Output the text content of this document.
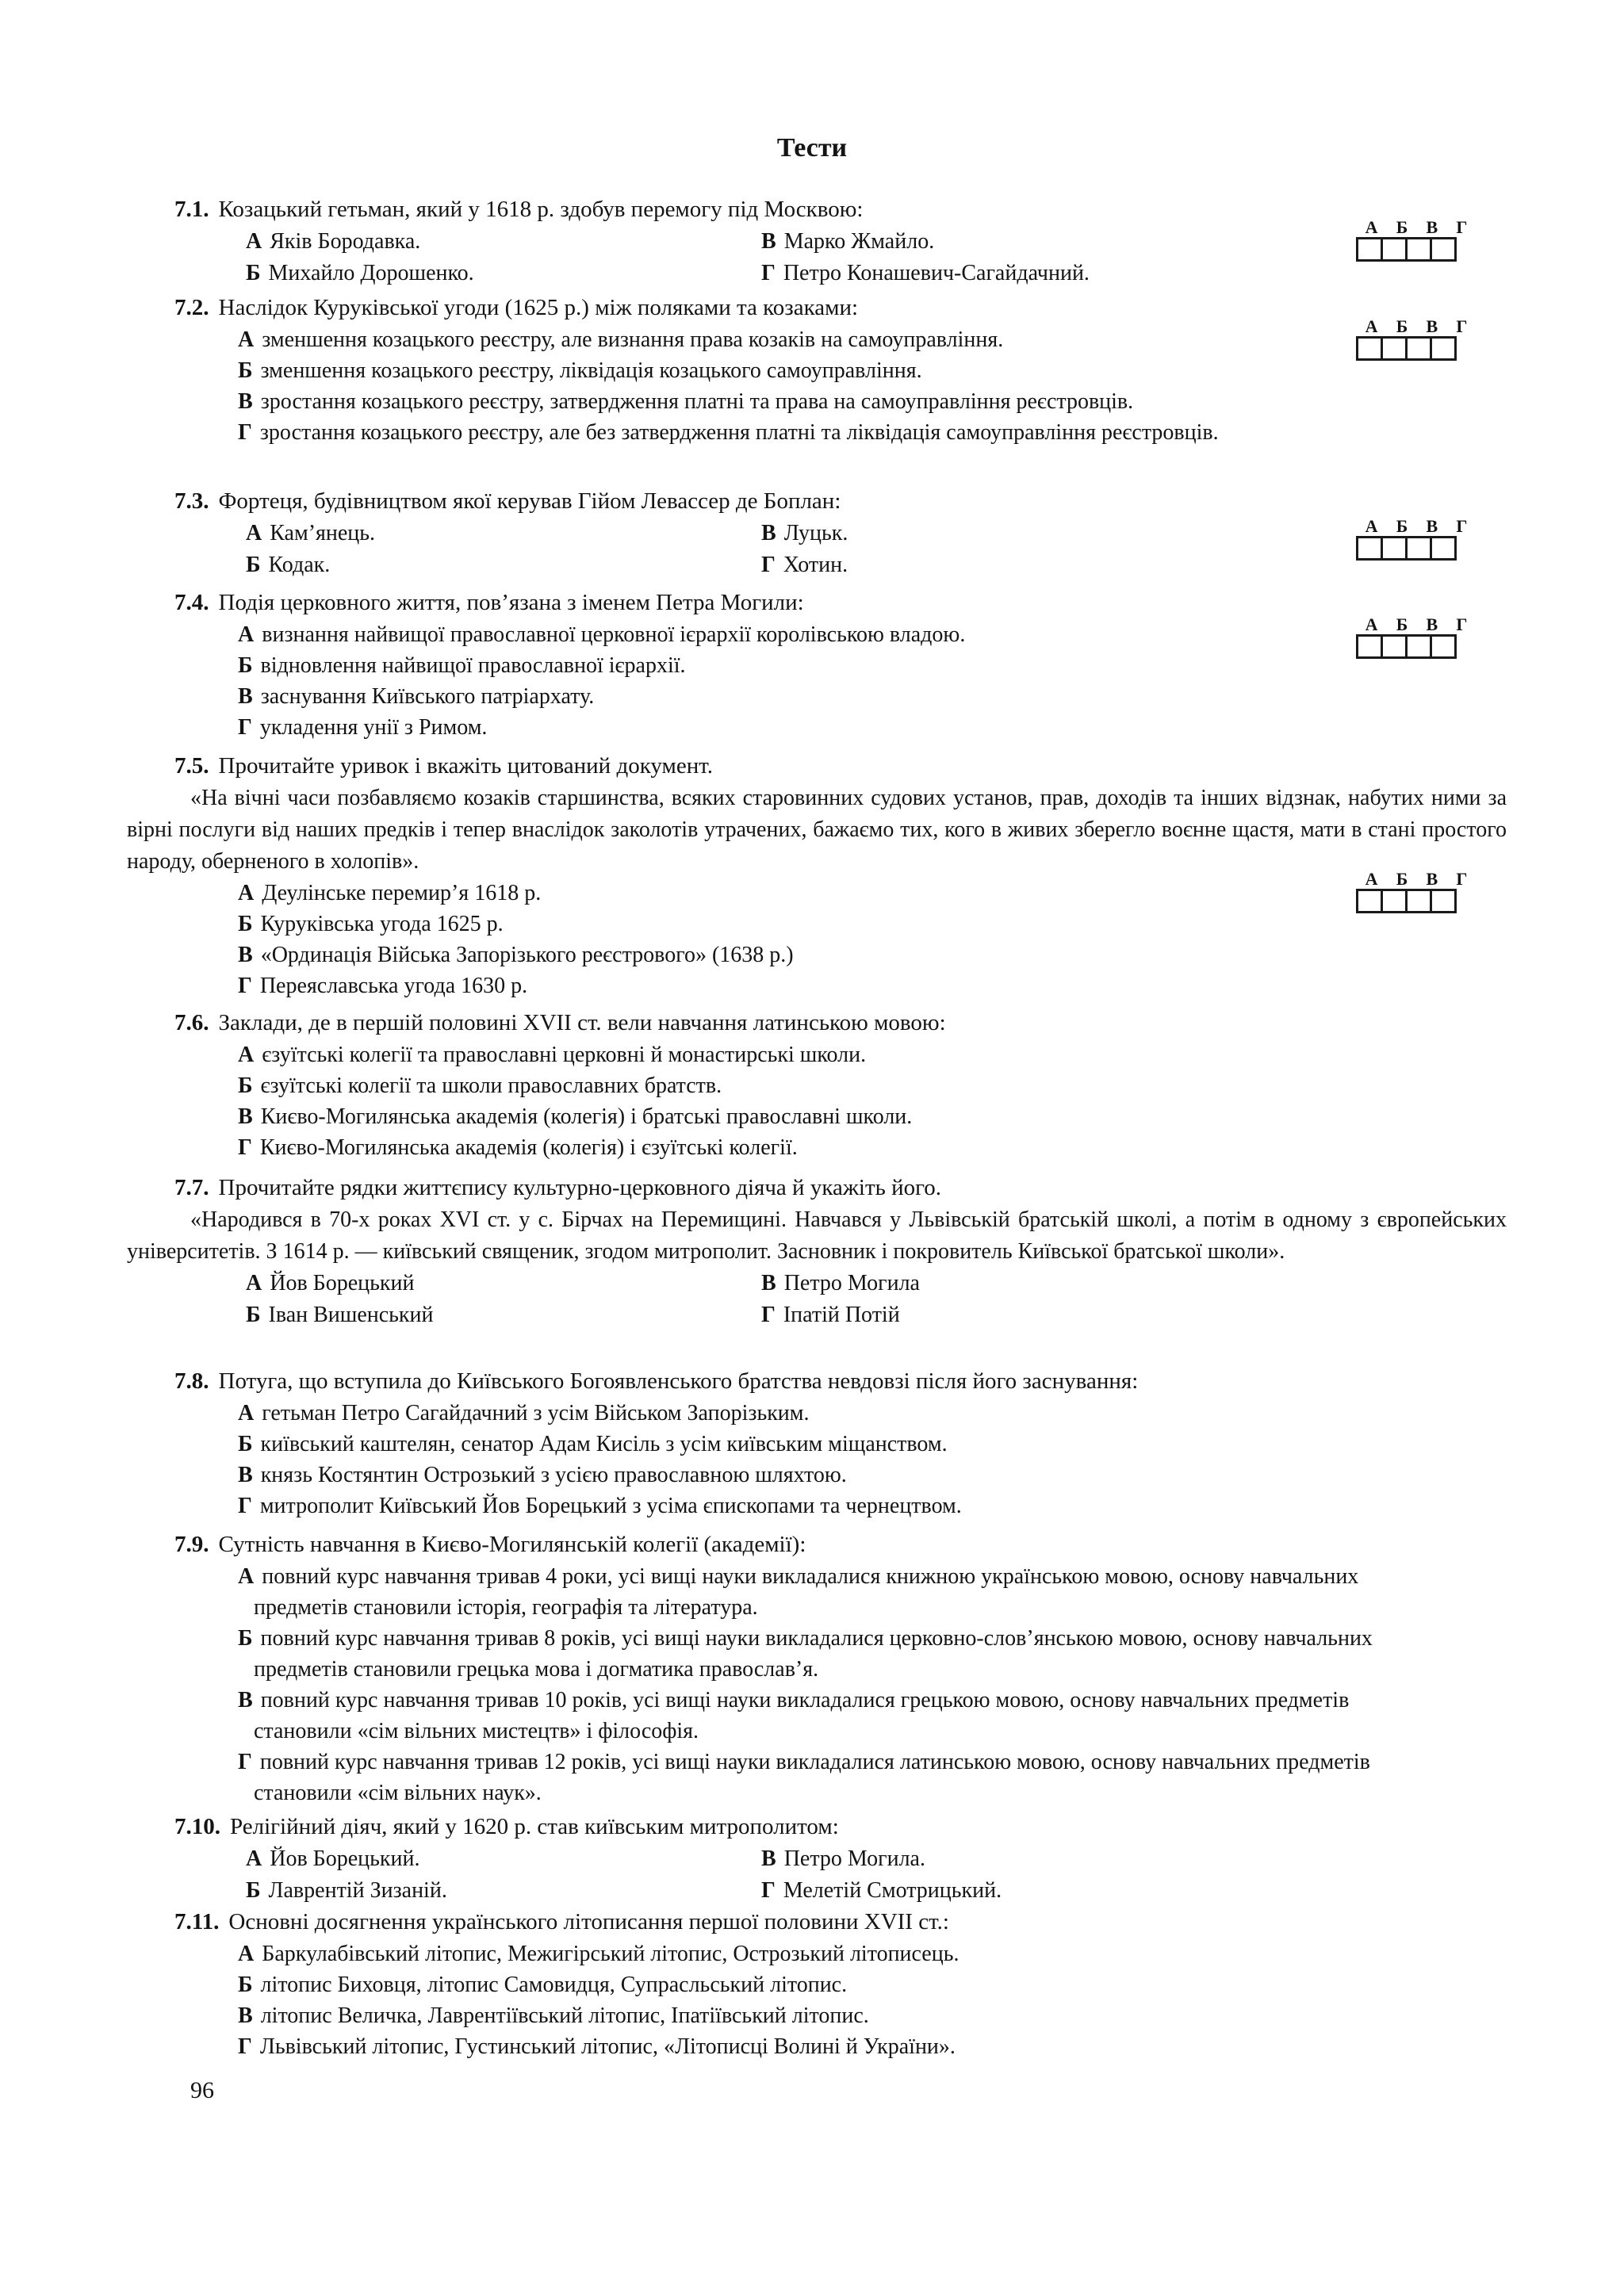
Тести
7.1. Козацький гетьман, який у 1618 р. здобув перемогу під Москвою:
А Яків Бородавка.	В Марко Жмайло.
Б Михайло Дорошенко.	Г Петро Конашевич-Сагайдачний.
А Б В Г
7.2. Наслідок Куруківської угоди (1625 р.) між поляками та козаками:
А зменшення козацького реєстру, але визнання права козаків на самоуправління.
Б зменшення козацького реєстру, ліквідація козацького самоуправління.
В зростання козацького реєстру, затвердження платні та права на самоуправління реєстровців.
Г зростання козацького реєстру, але без затвердження платні та ліквідація самоуправління реєстровців.
А Б В Г
7.3. Фортеця, будівництвом якої керував Гійом Левассер де Боплан:
А Кам’янець.	В Луцьк.
Б Кодак.	Г Хотин.
А Б В Г
7.4. Подія церковного життя, пов’язана з іменем Петра Могили:
А визнання найвищої православної церковної ієрархії королівською владою.
Б відновлення найвищої православної ієрархії.
В заснування Київського патріархату.
Г укладення унії з Римом.
А Б В Г
7.5. Прочитайте уривок і вкажіть цитований документ.
«На вічні часи позбавляємо козаків старшинства, всяких старовинних судових установ, прав, доходів та інших відзнак, набутих ними за вірні послуги від наших предків і тепер внаслідок заколотів утрачених, бажаємо тих, кого в живих зберегло воєнне щастя, мати в стані простого народу, оберненого в холопів».
А Деулінське перемир’я 1618 р.
Б Куруківська угода 1625 р.
В «Ординація Війська Запорізького реєстрового» (1638 р.)
Г Переяславська угода 1630 р.
А Б В Г
7.6. Заклади, де в першій половині XVII ст. вели навчання латинською мовою:
А єзуїтські колегії та православні церковні й монастирські школи.
Б єзуїтські колегії та школи православних братств.
В Києво-Могилянська академія (колегія) і братські православні школи.
Г Києво-Могилянська академія (колегія) і єзуїтські колегії.
7.7. Прочитайте рядки життєпису культурно-церковного діяча й укажіть його.
«Народився в 70-х роках XVI ст. у с. Бірчах на Перемищині. Навчався у Львівській братській школі, а потім в одному з європейських університетів. З 1614 р. — київський священик, згодом митрополит. Засновник і покровитель Київської братської школи».
А Йов Борецький	В Петро Могила
Б Іван Вишенський	Г Іпатій Потій
7.8. Потуга, що вступила до Київського Богоявленського братства невдовзі після його заснування:
А гетьман Петро Сагайдачний з усім Військом Запорізьким.
Б київський каштелян, сенатор Адам Кисіль з усім київським міщанством.
В князь Костянтин Острозький з усією православною шляхтою.
Г митрополит Київський Йов Борецький з усіма єпископами та чернецтвом.
7.9. Сутність навчання в Києво-Могилянській колегії (академії):
А повний курс навчання тривав 4 роки, усі вищі науки викладалися книжною українською мовою, основу навчальних предметів становили історія, географія та література.
Б повний курс навчання тривав 8 років, усі вищі науки викладалися церковно-слов’янською мовою, основу навчальних предметів становили грецька мова і догматика православ’я.
В повний курс навчання тривав 10 років, усі вищі науки викладалися грецькою мовою, основу навчальних предметів становили «сім вільних мистецтв» і філософія.
Г повний курс навчання тривав 12 років, усі вищі науки викладалися латинською мовою, основу навчальних предметів становили «сім вільних наук».
7.10. Релігійний діяч, який у 1620 р. став київським митрополитом:
А Йов Борецький.	В Петро Могила.
Б Лаврентій Зизаній.	Г Мелетій Смотрицький.
7.11. Основні досягнення українського літописання першої половини XVII ст.:
А Баркулабівський літопис, Межигірський літопис, Острозький літописець.
Б літопис Биховця, літопис Самовидця, Супрасльський літопис.
В літопис Величка, Лаврентіївський літопис, Іпатіївський літопис.
Г Львівський літопис, Густинський літопис, «Літописці Волині й України».
96
